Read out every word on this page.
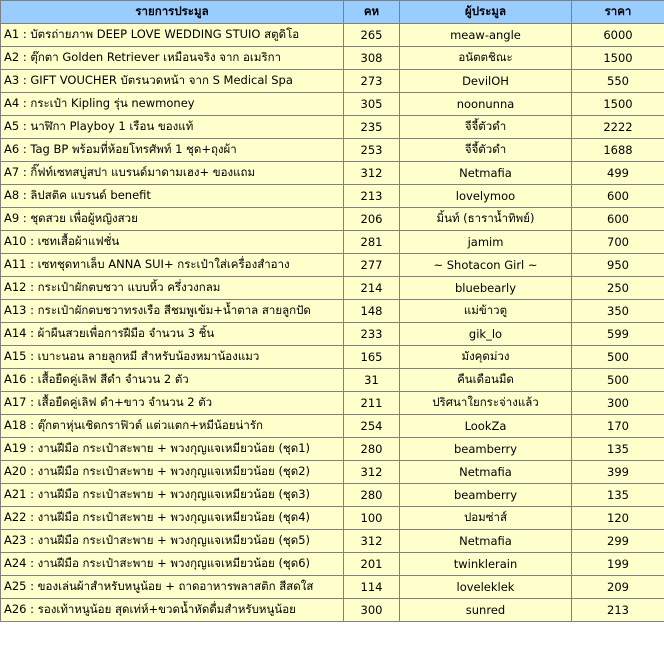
รายการประมูล	คห	ผู้ประมูล	ราคา
A1 : บัตรถ่ายภาพ DEEP LOVE WEDDING STUIO สตูดิโอ	265	meaw-angle	6000
A2 : ตุ๊กตา Golden Retriever เหมือนจริง จาก อเมริกา	308	อนัตตชิณะ	1500
A3 : GIFT VOUCHER บัตรนวดหน้า จาก S Medical Spa	273	DevilOH	550
A4 : กระเป๋า Kipling รุ่น newmoney	305	noonunna	1500
A5 : นาฬิกา Playboy 1 เรือน ของแท้	235	จีจี้ตัวดำ	2222
A6 : Tag BP พร้อมที่ห้อยโทรศัพท์ 1 ชุด+ถุงผ้า	253	จีจี้ตัวดำ	1688
A7 : กิ๊ฟท์เซทสบู่สปา แบรนด์มาดามเฮง+ ของแถม	312	Netmafia	499
A8 : ลิปสติค แบรนด์ benefit	213	lovelymoo	600
A9 : ชุดสวย เพื่อผู้หญิงสวย	206	มิ้นท์ (ธาราน้ำทิพย์)	600
A10 : เซทเสื้อผ้าแฟชั่น	281	jamim	700
A11 : เซทชุดทาเล็บ ANNA SUI+ กระเป๋าใส่เครื่องสำอาง	277	~ Shotacon Girl ~	950
A12 : กระเป๋าผักตบชวา แบบหิ้ว ครึ่งวงกลม	214	bluebearly	250
A13 : กระเป๋าผักตบชวาทรงเรือ สีชมพูเข้ม+น้ำตาล สายลูกปัด	148	แม่ข้าวตู	350
A14 : ผ้าผืนสวยเพื่อการฝีมือ จำนวน 3 ชิ้น	233	gik_lo	599
A15 : เบาะนอน ลายลูกหมี สำหรับน้องหมาน้องแมว	165	มังคุดม่วง	500
A16 : เสื้อยืดคู่เลิฟ สีดำ จำนวน 2 ตัว	31	คืนเดือนมืด	500
A17 : เสื้อยืดคู่เลิฟ ดำ+ขาว จำนวน 2 ตัว	211	ปริศนาใยกระจ่างแล้ว	300
A18 : ตุ๊กตาหุ่นเชิดกราฟิวต์ แต่วแตก+หมีน้อยน่ารัก	254	LookZa	170
A19 : งานฝีมือ กระเป๋าสะพาย + พวงกุญแจเหมียวน้อย (ชุด1)	280	beamberry	135
A20 : งานฝีมือ กระเป๋าสะพาย + พวงกุญแจเหมียวน้อย (ชุด2)	312	Netmafia	399
A21 : งานฝีมือ กระเป๋าสะพาย + พวงกุญแจเหมียวน้อย (ชุด3)	280	beamberry	135
A22 : งานฝีมือ กระเป๋าสะพาย + พวงกุญแจเหมียวน้อย (ชุด4)	100	ปอมซ่าส์	120
A23 : งานฝีมือ กระเป๋าสะพาย + พวงกุญแจเหมียวน้อย (ชุด5)	312	Netmafia	299
A24 : งานฝีมือ กระเป๋าสะพาย + พวงกุญแจเหมียวน้อย (ชุด6)	201	twinklerain	199
A25 : ของเล่นผ้าสำหรับหนูน้อย + ถาดอาหารพลาสติก สีสดใส	114	loveleklek	209
A26 : รองเท้าหนูน้อย สุดเท่ห์+ขวดน้ำหัดดื่มสำหรับหนูน้อย	300	sunred	213
